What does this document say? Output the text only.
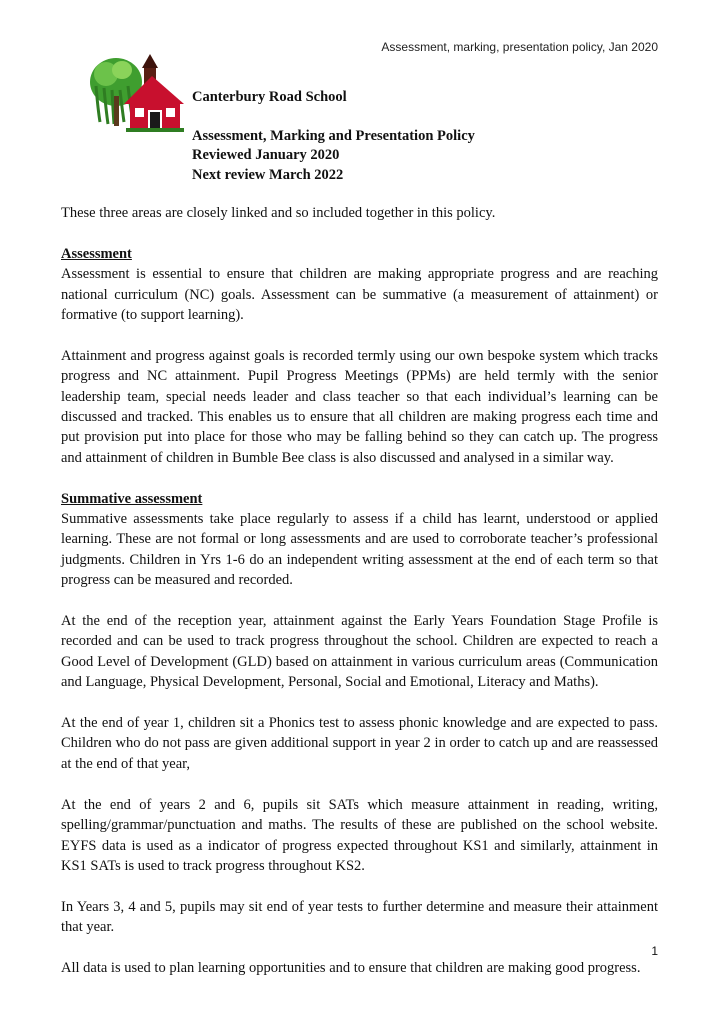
Assessment, marking, presentation policy, Jan 2020
Canterbury Road School
Assessment, Marking and Presentation Policy
Reviewed January 2020
Next review March 2022

These three areas are closely linked and so included together in this policy.

Assessment

Assessment is essential to ensure that children are making appropriate progress and are reaching national curriculum (NC) goals. Assessment can be summative (a measurement of attainment) or formative (to support learning).

Attainment and progress against goals is recorded termly using our own bespoke system which tracks progress and NC attainment. Pupil Progress Meetings (PPMs) are held termly with the senior leadership team, special needs leader and class teacher so that each individual’s learning can be discussed and tracked. This enables us to ensure that all children are making progress each time and put provision put into place for those who may be falling behind so they can catch up. The progress and attainment of children in Bumble Bee class is also discussed and analysed in a similar way.

Summative assessment

Summative assessments take place regularly to assess if a child has learnt, understood or applied learning. These are not formal or long assessments and are used to corroborate teacher’s professional judgments. Children in Yrs 1-6 do an independent writing assessment at the end of each term so that progress can be measured and recorded.

At the end of the reception year, attainment against the Early Years Foundation Stage Profile is recorded and can be used to track progress throughout the school. Children are expected to reach a Good Level of Development (GLD) based on attainment in various curriculum areas (Communication and Language, Physical Development, Personal, Social and Emotional, Literacy and Maths).

At the end of year 1, children sit a Phonics test to assess phonic knowledge and are expected to pass. Children who do not pass are given additional support in year 2 in order to catch up and are reassessed at the end of that year,

At the end of years 2 and 6, pupils sit SATs which measure attainment in reading, writing, spelling/grammar/punctuation and maths. The results of these are published on the school website. EYFS data is used as a indicator of progress expected throughout KS1 and similarly, attainment in KS1 SATs is used to track progress throughout KS2.

In Years 3, 4 and 5, pupils may sit end of year tests to further determine and measure their attainment that year.

All data is used to plan learning opportunities and to ensure that children are making good progress.

1
